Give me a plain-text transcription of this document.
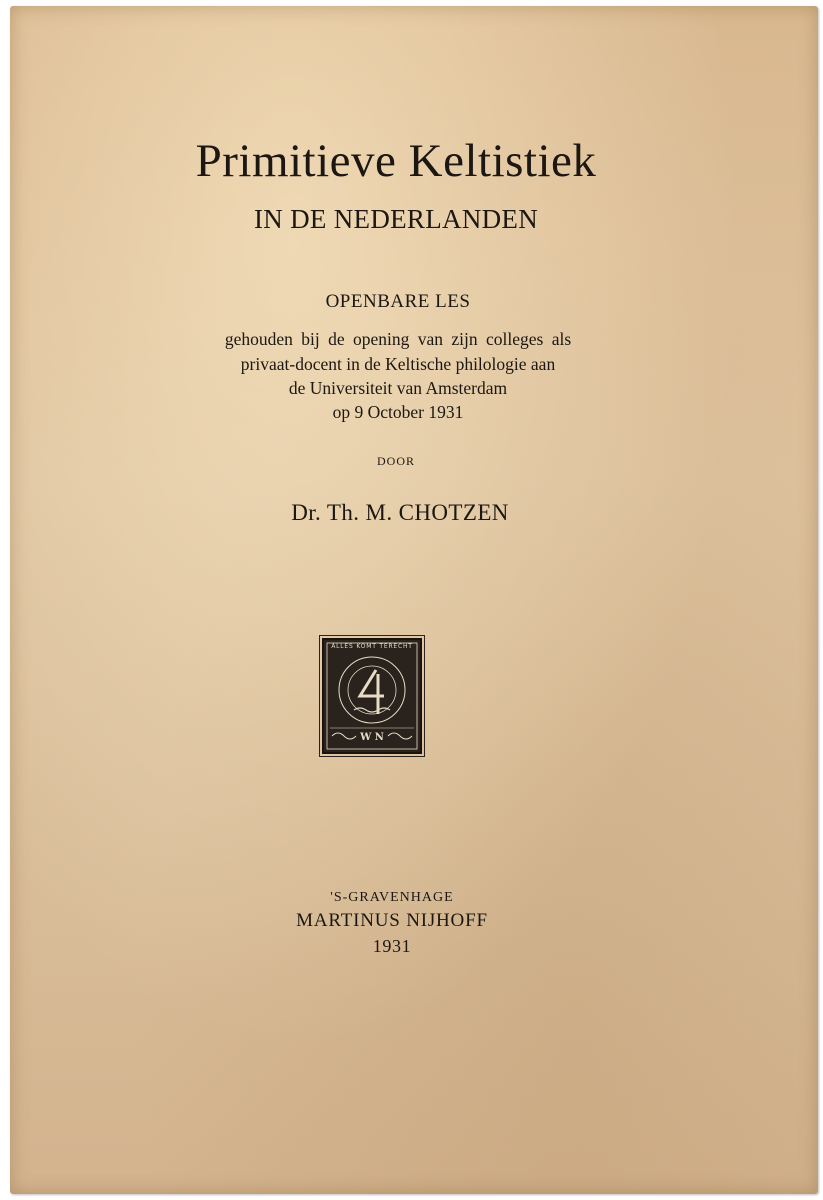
Primitieve Keltistiek
IN DE NEDERLANDEN
OPENBARE LES
gehouden bij de opening van zijn colleges als
privaat-docent in de Keltische philologie aan
de Universiteit van Amsterdam
op 9 October 1931
DOOR
Dr. Th. M. CHOTZEN
ALLES KOMT TERECHT
W N
'S-GRAVENHAGE
MARTINUS NIJHOFF
1931
